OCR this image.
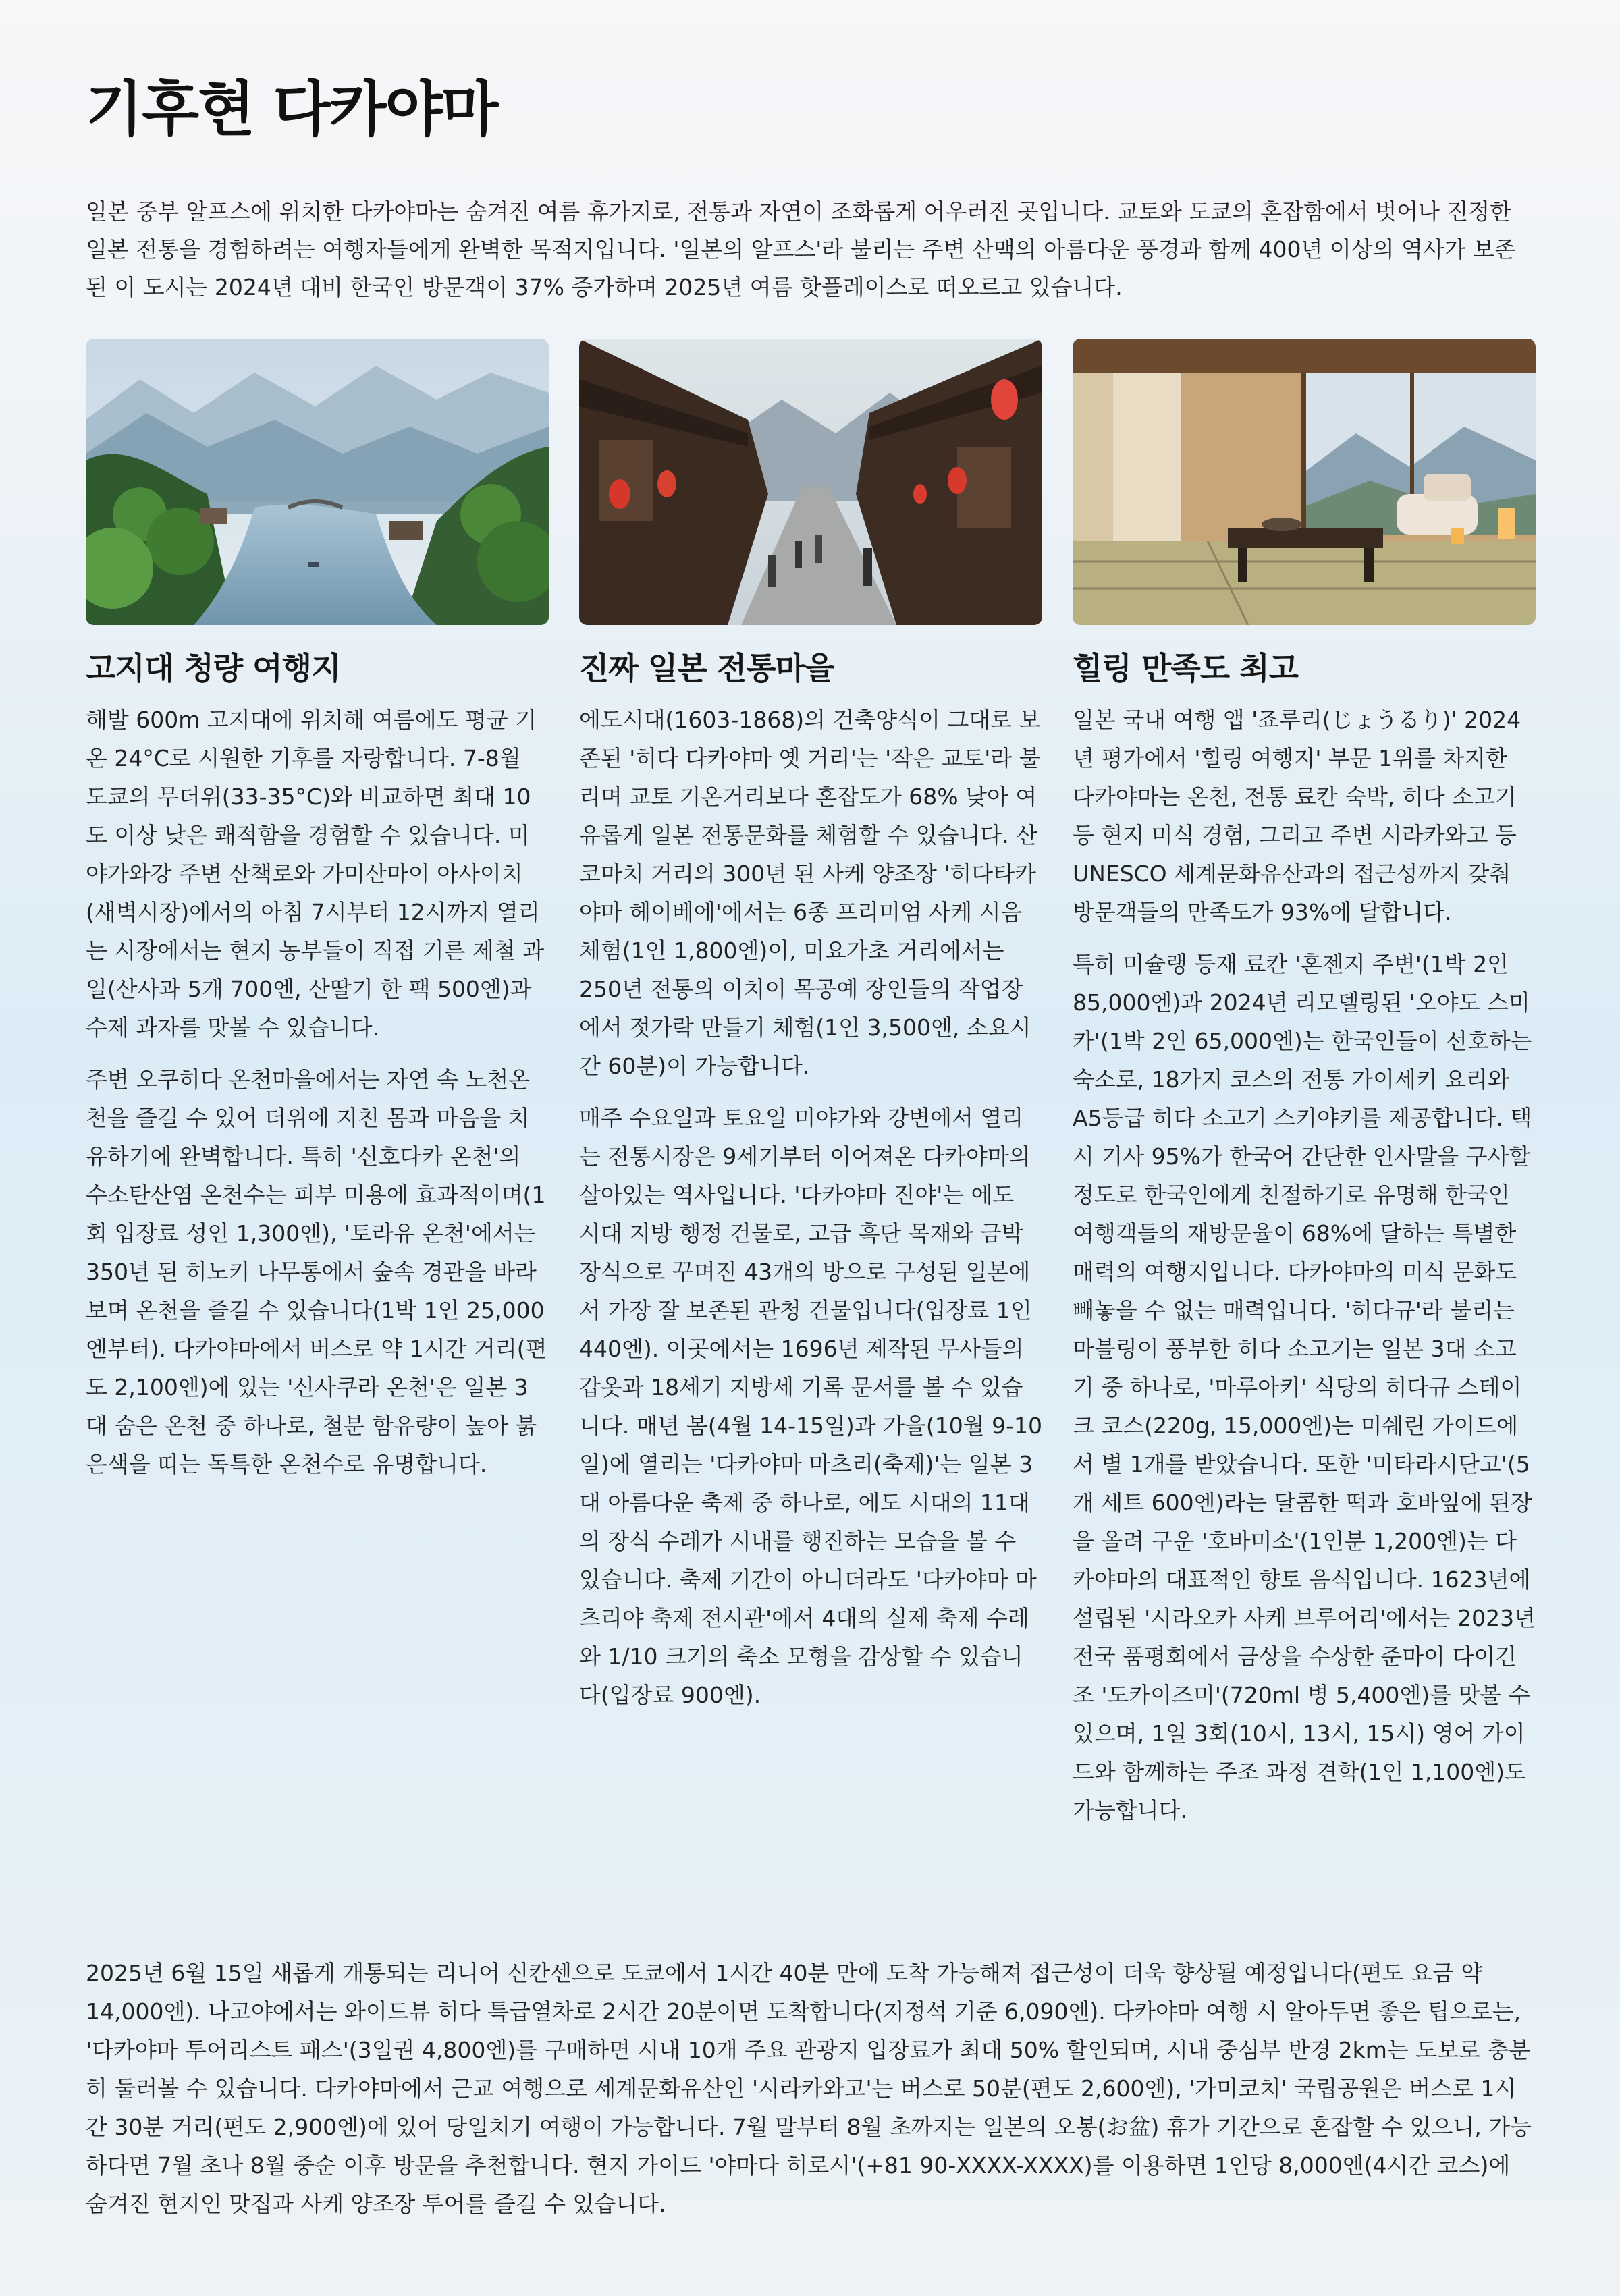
기후현 다카야마

일본 중부 알프스에 위치한 다카야마는 숨겨진 여름 휴가지로, 전통과 자연이 조화롭게 어우러진 곳입니다. 교토와 도쿄의 혼잡함에서 벗어나 진정한 일본 전통을 경험하려는 여행자들에게 완벽한 목적지입니다. '일본의 알프스'라 불리는 주변 산맥의 아름다운 풍경과 함께 400년 이상의 역사가 보존된 이 도시는 2024년 대비 한국인 방문객이 37% 증가하며 2025년 여름 핫플레이스로 떠오르고 있습니다.

고지대 청량 여행지

해발 600m 고지대에 위치해 여름에도 평균 기온 24°C로 시원한 기후를 자랑합니다. 7-8월 도쿄의 무더위(33-35°C)와 비교하면 최대 10도 이상 낮은 쾌적함을 경험할 수 있습니다. 미야가와강 주변 산책로와 가미산마이 아사이치(새벽시장)에서의 아침 7시부터 12시까지 열리는 시장에서는 현지 농부들이 직접 기른 제철 과일(산사과 5개 700엔, 산딸기 한 팩 500엔)과 수제 과자를 맛볼 수 있습니다.

주변 오쿠히다 온천마을에서는 자연 속 노천온천을 즐길 수 있어 더위에 지친 몸과 마음을 치유하기에 완벽합니다. 특히 '신호다카 온천'의 수소탄산염 온천수는 피부 미용에 효과적이며(1회 입장료 성인 1,300엔), '토라유 온천'에서는 350년 된 히노키 나무통에서 숲속 경관을 바라보며 온천을 즐길 수 있습니다(1박 1인 25,000엔부터). 다카야마에서 버스로 약 1시간 거리(편도 2,100엔)에 있는 '신사쿠라 온천'은 일본 3대 숨은 온천 중 하나로, 철분 함유량이 높아 붉은색을 띠는 독특한 온천수로 유명합니다.

진짜 일본 전통마을

에도시대(1603-1868)의 건축양식이 그대로 보존된 '히다 다카야마 옛 거리'는 '작은 교토'라 불리며 교토 기온거리보다 혼잡도가 68% 낮아 여유롭게 일본 전통문화를 체험할 수 있습니다. 산코마치 거리의 300년 된 사케 양조장 '히다타카야마 헤이베에'에서는 6종 프리미엄 사케 시음 체험(1인 1,800엔)이, 미요가초 거리에서는 250년 전통의 이치이 목공예 장인들의 작업장에서 젓가락 만들기 체험(1인 3,500엔, 소요시간 60분)이 가능합니다.

매주 수요일과 토요일 미야가와 강변에서 열리는 전통시장은 9세기부터 이어져온 다카야마의 살아있는 역사입니다. '다카야마 진야'는 에도 시대 지방 행정 건물로, 고급 흑단 목재와 금박 장식으로 꾸며진 43개의 방으로 구성된 일본에서 가장 잘 보존된 관청 건물입니다(입장료 1인 440엔). 이곳에서는 1696년 제작된 무사들의 갑옷과 18세기 지방세 기록 문서를 볼 수 있습니다. 매년 봄(4월 14-15일)과 가을(10월 9-10일)에 열리는 '다카야마 마츠리(축제)'는 일본 3대 아름다운 축제 중 하나로, 에도 시대의 11대의 장식 수레가 시내를 행진하는 모습을 볼 수 있습니다. 축제 기간이 아니더라도 '다카야마 마츠리야 축제 전시관'에서 4대의 실제 축제 수레와 1/10 크기의 축소 모형을 감상할 수 있습니다(입장료 900엔).

힐링 만족도 최고

일본 국내 여행 앱 '죠루리(じょうるり)' 2024년 평가에서 '힐링 여행지' 부문 1위를 차지한 다카야마는 온천, 전통 료칸 숙박, 히다 소고기 등 현지 미식 경험, 그리고 주변 시라카와고 등 UNESCO 세계문화유산과의 접근성까지 갖춰 방문객들의 만족도가 93%에 달합니다.

특히 미슐랭 등재 료칸 '혼젠지 주변'(1박 2인 85,000엔)과 2024년 리모델링된 '오야도 스미카'(1박 2인 65,000엔)는 한국인들이 선호하는 숙소로, 18가지 코스의 전통 가이세키 요리와 A5등급 히다 소고기 스키야키를 제공합니다. 택시 기사 95%가 한국어 간단한 인사말을 구사할 정도로 한국인에게 친절하기로 유명해 한국인 여행객들의 재방문율이 68%에 달하는 특별한 매력의 여행지입니다. 다카야마의 미식 문화도 빼놓을 수 없는 매력입니다. '히다규'라 불리는 마블링이 풍부한 히다 소고기는 일본 3대 소고기 중 하나로, '마루아키' 식당의 히다규 스테이크 코스(220g, 15,000엔)는 미쉐린 가이드에서 별 1개를 받았습니다. 또한 '미타라시단고'(5개 세트 600엔)라는 달콤한 떡과 호바잎에 된장을 올려 구운 '호바미소'(1인분 1,200엔)는 다카야마의 대표적인 향토 음식입니다. 1623년에 설립된 '시라오카 사케 브루어리'에서는 2023년 전국 품평회에서 금상을 수상한 준마이 다이긴조 '도카이즈미'(720ml 병 5,400엔)를 맛볼 수 있으며, 1일 3회(10시, 13시, 15시) 영어 가이드와 함께하는 주조 과정 견학(1인 1,100엔)도 가능합니다.

2025년 6월 15일 새롭게 개통되는 리니어 신칸센으로 도쿄에서 1시간 40분 만에 도착 가능해져 접근성이 더욱 향상될 예정입니다(편도 요금 약 14,000엔). 나고야에서는 와이드뷰 히다 특급열차로 2시간 20분이면 도착합니다(지정석 기준 6,090엔). 다카야마 여행 시 알아두면 좋은 팁으로는, '다카야마 투어리스트 패스'(3일권 4,800엔)를 구매하면 시내 10개 주요 관광지 입장료가 최대 50% 할인되며, 시내 중심부 반경 2km는 도보로 충분히 둘러볼 수 있습니다. 다카야마에서 근교 여행으로 세계문화유산인 '시라카와고'는 버스로 50분(편도 2,600엔), '가미코치' 국립공원은 버스로 1시간 30분 거리(편도 2,900엔)에 있어 당일치기 여행이 가능합니다. 7월 말부터 8월 초까지는 일본의 오봉(お盆) 휴가 기간으로 혼잡할 수 있으니, 가능하다면 7월 초나 8월 중순 이후 방문을 추천합니다. 현지 가이드 '야마다 히로시'(+81 90-XXXX-XXXX)를 이용하면 1인당 8,000엔(4시간 코스)에 숨겨진 현지인 맛집과 사케 양조장 투어를 즐길 수 있습니다.
